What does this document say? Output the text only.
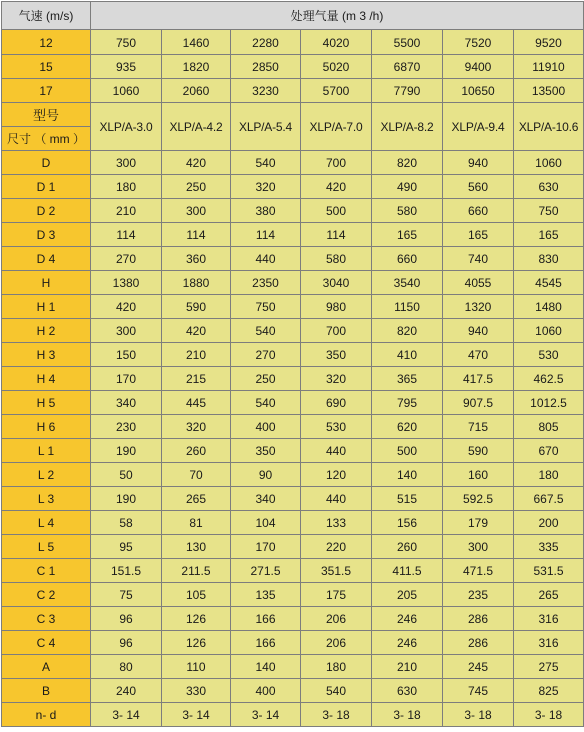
气速 (m/s)	处理气量 (m 3 /h)						
12	750	1460	2280	4020	5500	7520	9520
15	935	1820	2850	5020	6870	9400	11910
17	1060	2060	3230	5700	7790	10650	13500
型号	XLP/A-3.0	XLP/A-4.2	XLP/A-5.4	XLP/A-7.0	XLP/A-8.2	XLP/A-9.4	XLP/A-10.6
尺寸 （ mm ）							
D	300	420	540	700	820	940	1060
D 1	180	250	320	420	490	560	630
D 2	210	300	380	500	580	660	750
D 3	114	114	114	114	165	165	165
D 4	270	360	440	580	660	740	830
H	1380	1880	2350	3040	3540	4055	4545
H 1	420	590	750	980	1150	1320	1480
H 2	300	420	540	700	820	940	1060
H 3	150	210	270	350	410	470	530
H 4	170	215	250	320	365	417.5	462.5
H 5	340	445	540	690	795	907.5	1012.5
H 6	230	320	400	530	620	715	805
L 1	190	260	350	440	500	590	670
L 2	50	70	90	120	140	160	180
L 3	190	265	340	440	515	592.5	667.5
L 4	58	81	104	133	156	179	200
L 5	95	130	170	220	260	300	335
C 1	151.5	211.5	271.5	351.5	411.5	471.5	531.5
C 2	75	105	135	175	205	235	265
C 3	96	126	166	206	246	286	316
C 4	96	126	166	206	246	286	316
A	80	110	140	180	210	245	275
B	240	330	400	540	630	745	825
n- d	3- 14	3- 14	3- 14	3- 18	3- 18	3- 18	3- 18
